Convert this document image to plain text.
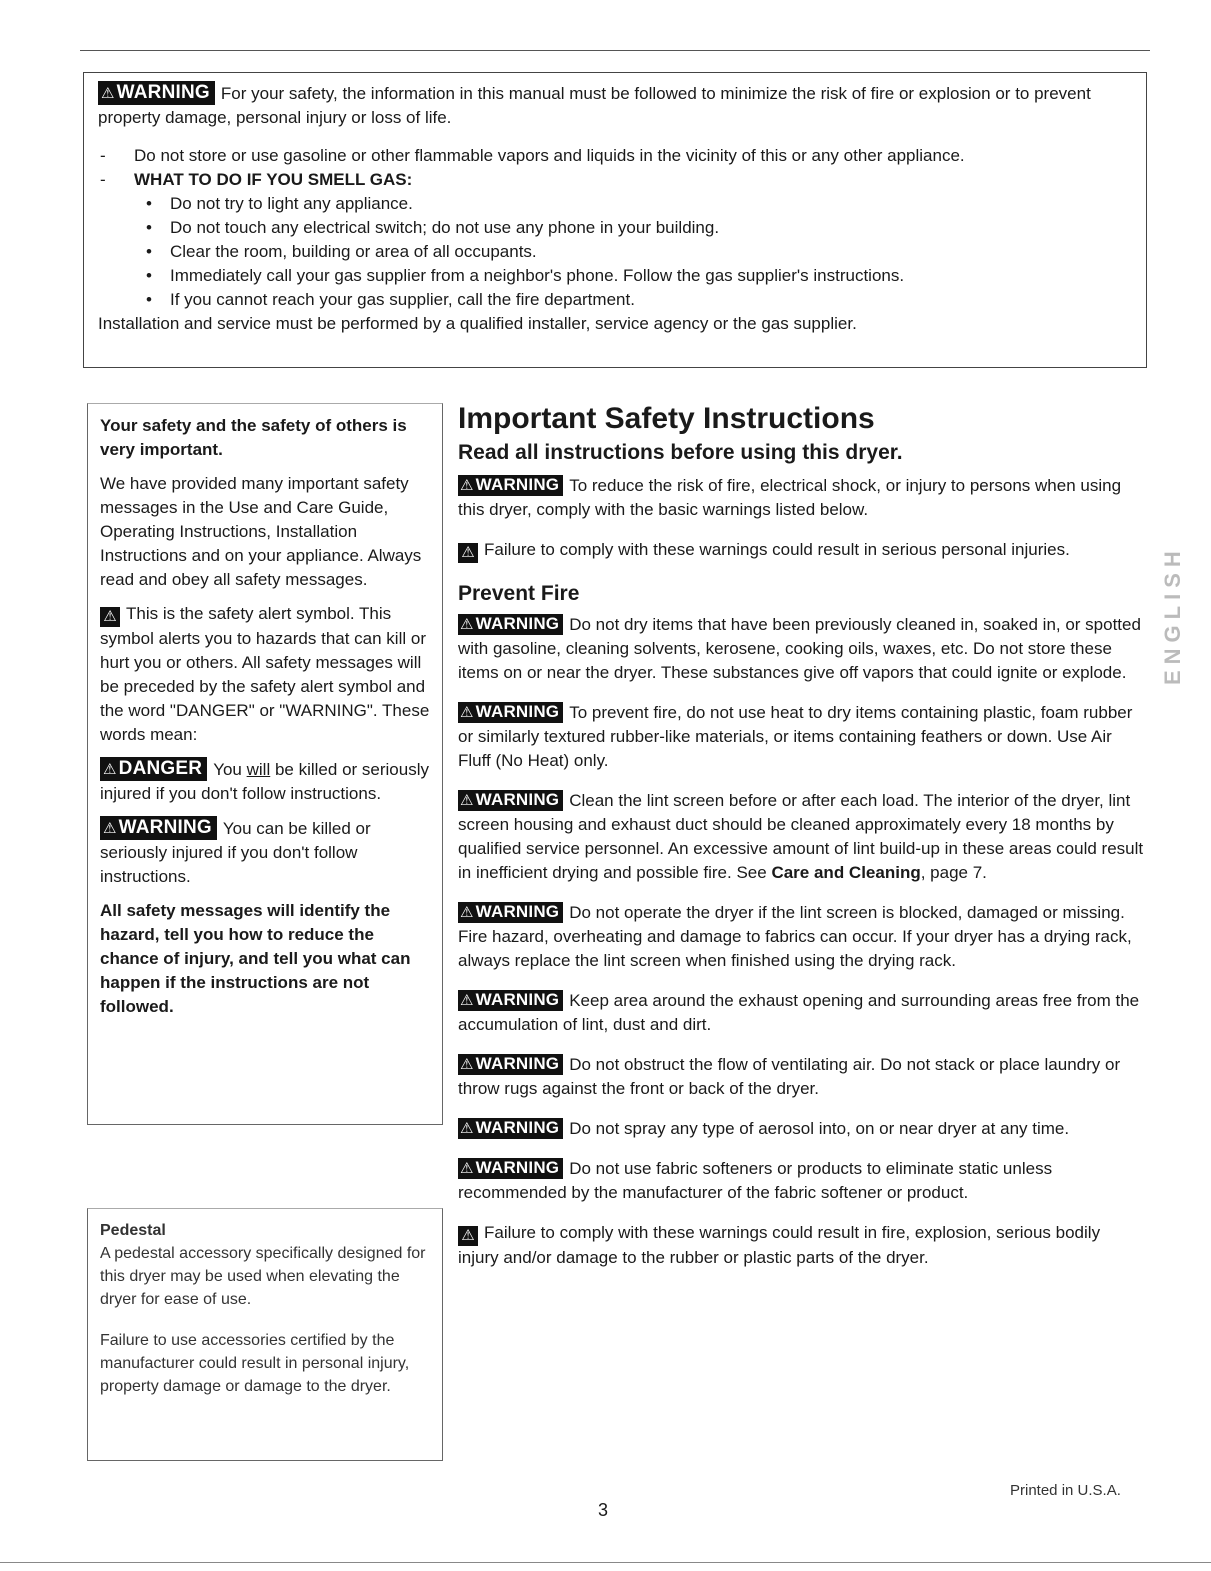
⚠ WARNING For your safety, the information in this manual must be followed to minimize the risk of fire or explosion or to prevent property damage, personal injury or loss of life.

- Do not store or use gasoline or other flammable vapors and liquids in the vicinity of this or any other appliance.
- WHAT TO DO IF YOU SMELL GAS:
• Do not try to light any appliance.
• Do not touch any electrical switch; do not use any phone in your building.
• Clear the room, building or area of all occupants.
• Immediately call your gas supplier from a neighbor's phone. Follow the gas supplier's instructions.
• If you cannot reach your gas supplier, call the fire department.

Installation and service must be performed by a qualified installer, service agency or the gas supplier.

Your safety and the safety of others is very important.

We have provided many important safety messages in the Use and Care Guide, Operating Instructions, Installation Instructions and on your appliance. Always read and obey all safety messages.

⚠ This is the safety alert symbol. This symbol alerts you to hazards that can kill or hurt you or others. All safety messages will be preceded by the safety alert symbol and the word "DANGER" or "WARNING". These words mean:

⚠ DANGER You will be killed or seriously injured if you don't follow instructions.

⚠ WARNING You can be killed or seriously injured if you don't follow instructions.

All safety messages will identify the hazard, tell you how to reduce the chance of injury, and tell you what can happen if the instructions are not followed.

Pedestal

A pedestal accessory specifically designed for this dryer may be used when elevating the dryer for ease of use.

Failure to use accessories certified by the manufacturer could result in personal injury, property damage or damage to the dryer.

Important Safety Instructions
Read all instructions before using this dryer.

⚠ WARNING To reduce the risk of fire, electrical shock, or injury to persons when using this dryer, comply with the basic warnings listed below.

⚠ Failure to comply with these warnings could result in serious personal injuries.

Prevent Fire

⚠ WARNING Do not dry items that have been previously cleaned in, soaked in, or spotted with gasoline, cleaning solvents, kerosene, cooking oils, waxes, etc. Do not store these items on or near the dryer. These substances give off vapors that could ignite or explode.

⚠ WARNING To prevent fire, do not use heat to dry items containing plastic, foam rubber or similarly textured rubber-like materials, or items containing feathers or down. Use Air Fluff (No Heat) only.

⚠ WARNING Clean the lint screen before or after each load. The interior of the dryer, lint screen housing and exhaust duct should be cleaned approximately every 18 months by qualified service personnel. An excessive amount of lint build-up in these areas could result in inefficient drying and possible fire. See Care and Cleaning, page 7.

⚠ WARNING Do not operate the dryer if the lint screen is blocked, damaged or missing. Fire hazard, overheating and damage to fabrics can occur. If your dryer has a drying rack, always replace the lint screen when finished using the drying rack.

⚠ WARNING Keep area around the exhaust opening and surrounding areas free from the accumulation of lint, dust and dirt.

⚠ WARNING Do not obstruct the flow of ventilating air. Do not stack or place laundry or throw rugs against the front or back of the dryer.

⚠ WARNING Do not spray any type of aerosol into, on or near dryer at any time.

⚠ WARNING Do not use fabric softeners or products to eliminate static unless recommended by the manufacturer of the fabric softener or product.

⚠ Failure to comply with these warnings could result in fire, explosion, serious bodily injury and/or damage to the rubber or plastic parts of the dryer.

ENGLISH
Printed in U.S.A.
3
